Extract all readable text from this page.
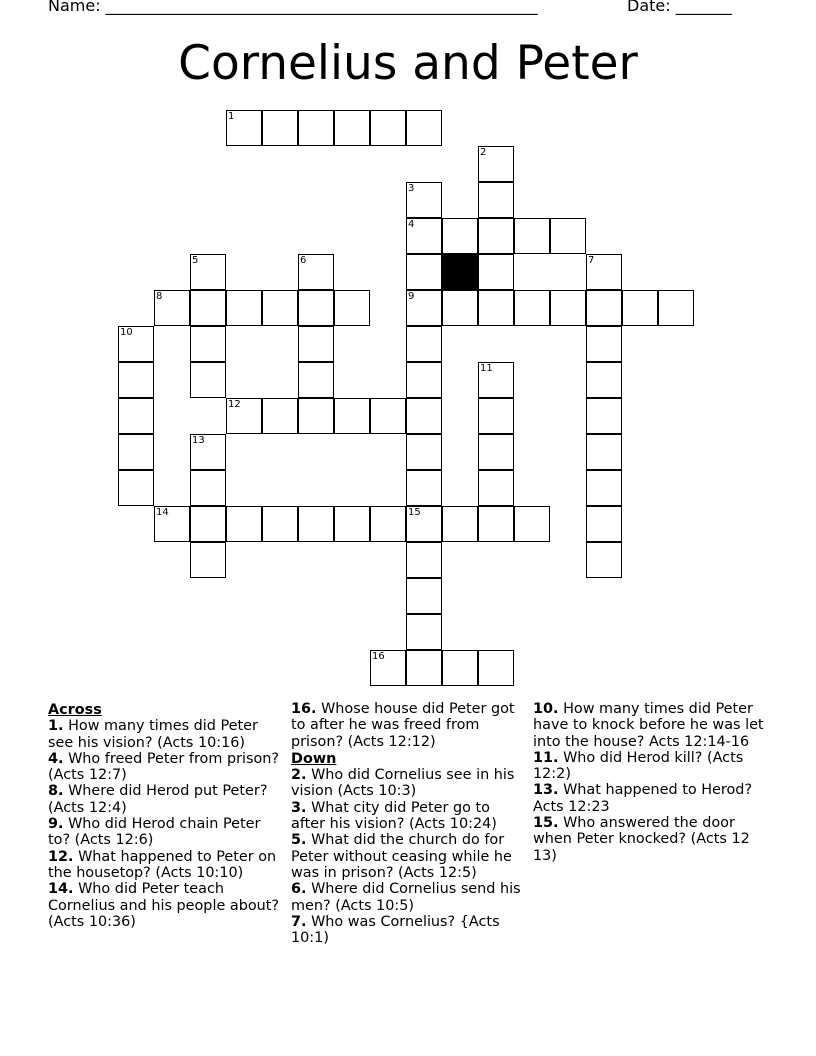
Name: ______________________________________________________	Date: _______
Cornelius and Peter
1
2
3
4
9
5	6	7
8
10
11
12
13
14	15
16
Across

1. How many times did Peter see his vision? (Acts 10:16)

4. Who freed Peter from prison? (Acts 12:7)

8. Where did Herod put Peter? (Acts 12:4)

9. Who did Herod chain Peter to? (Acts 12:6)

12. What happened to Peter on the housetop? (Acts 10:10)

14. Who did Peter teach Cornelius and his people about? (Acts 10:36)

16. Whose house did Peter got to after he was freed from prison? (Acts 12:12)

Down

2. Who did Cornelius see in his vision (Acts 10:3)

3. What city did Peter go to after his vision? (Acts 10:24)

5. What did the church do for Peter without ceasing while he was in prison? (Acts 12:5)

6. Where did Cornelius send his men? (Acts 10:5)

7. Who was Cornelius? {Acts 10:1)

10. How many times did Peter have to knock before he was let into the house? Acts 12:14-16

11. Who did Herod kill? (Acts 12:2)

13. What happened to Herod? Acts 12:23

15. Who answered the door when Peter knocked? (Acts 12 13)
